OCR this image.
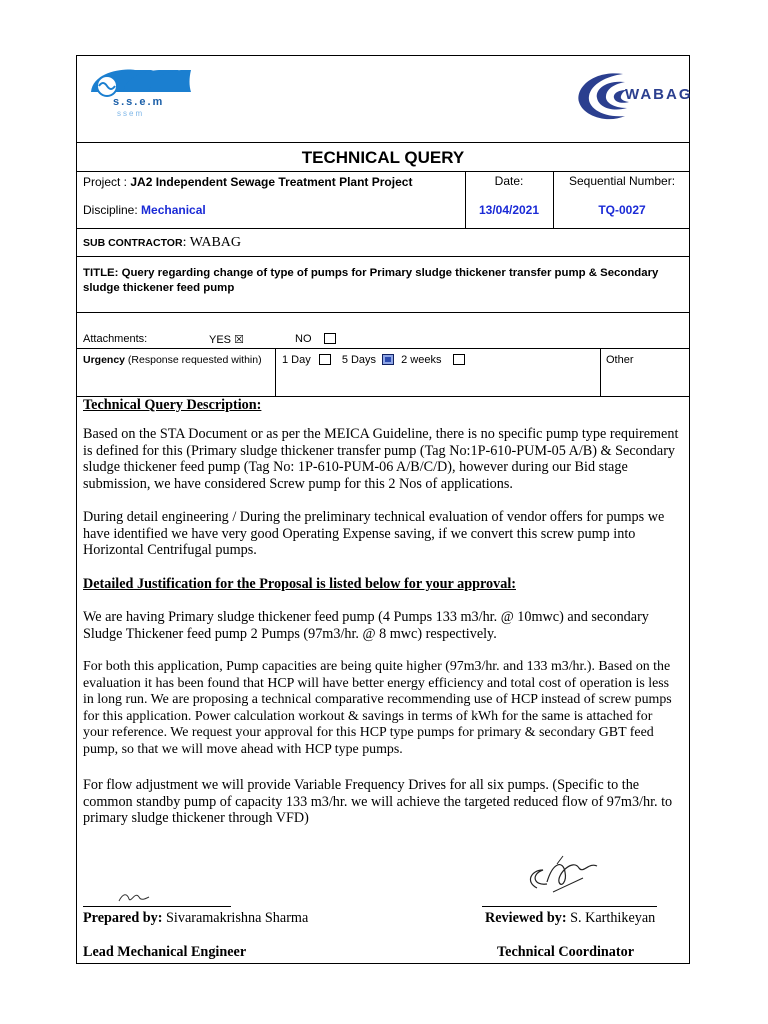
s.s.e.m
ssem
WABAG
TECHNICAL QUERY
Project : JA2 Independent Sewage Treatment Plant Project
Discipline: Mechanical
Date:
13/04/2021
Sequential Number:
TQ-0027
SUB CONTRACTOR: WABAG
TITLE: Query regarding change of type of pumps for Primary sludge thickener transfer pump & Secondary
sludge thickener feed pump
Attachments:	YES ☒	NO
Urgency (Response requested within) 1 Day	5 Days 2 weeks	Other
Technical Query Description:
Based on the STA Document or as per the MEICA Guideline, there is no specific pump type requirement
is defined for this (Primary sludge thickener transfer pump (Tag No:1P-610-PUM-05 A/B) & Secondary
sludge thickener feed pump (Tag No: 1P-610-PUM-06 A/B/C/D), however during our Bid stage
submission, we have considered Screw pump for this 2 Nos of applications.
During detail engineering / During the preliminary technical evaluation of vendor offers for pumps we
have identified we have very good Operating Expense saving, if we convert this screw pump into
Horizontal Centrifugal pumps.
Detailed Justification for the Proposal is listed below for your approval:
We are having Primary sludge thickener feed pump (4 Pumps 133 m3/hr. @ 10mwc) and secondary
Sludge Thickener feed pump 2 Pumps (97m3/hr. @ 8 mwc) respectively.
For both this application, Pump capacities are being quite higher (97m3/hr. and 133 m3/hr.). Based on the
evaluation it has been found that HCP will have better energy efficiency and total cost of operation is less
in long run. We are proposing a technical comparative recommending use of HCP instead of screw pumps
for this application. Power calculation workout & savings in terms of kWh for the same is attached for
your reference. We request your approval for this HCP type pumps for primary & secondary GBT feed
pump, so that we will move ahead with HCP type pumps.
For flow adjustment we will provide Variable Frequency Drives for all six pumps. (Specific to the
common standby pump of capacity 133 m3/hr. we will achieve the targeted reduced flow of 97m3/hr. to
primary sludge thickener through VFD)
Prepared by: Sivaramakrishna Sharma	Reviewed by: S. Karthikeyan
Lead Mechanical Engineer	Technical Coordinator
